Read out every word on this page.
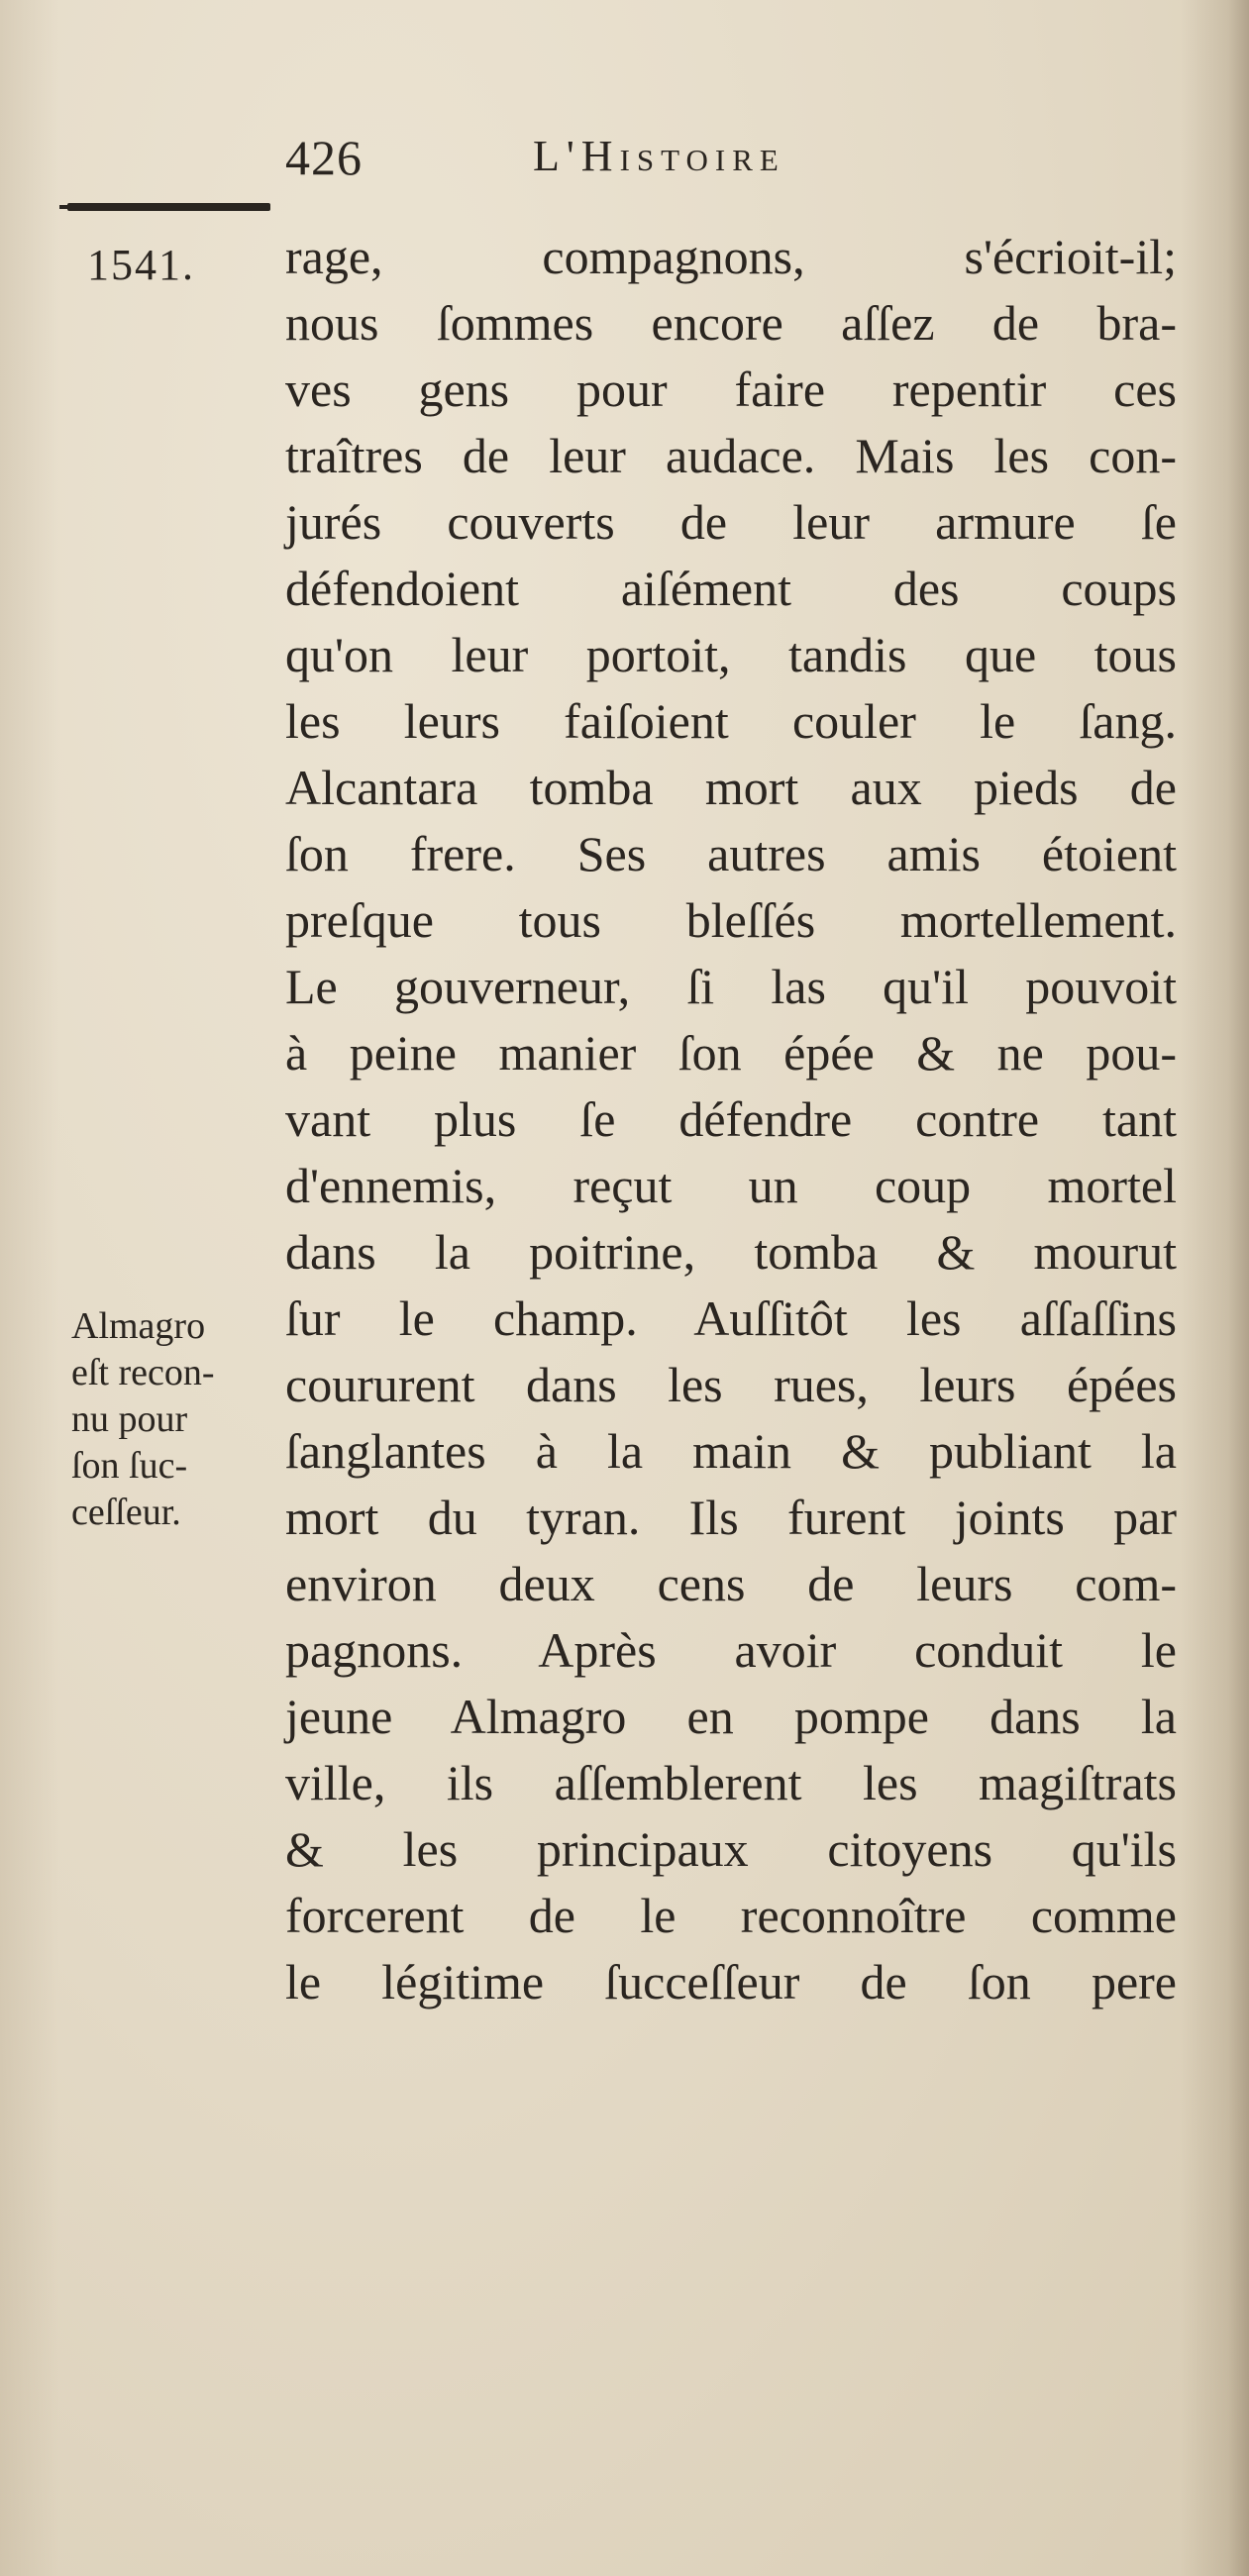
426	L'Histoire
1541. rage, compagnons, s'écrioit-il;
nous ſommes encore aſſez de bra-
ves gens pour faire repentir ces
traîtres de leur audace. Mais les con-
jurés couverts de leur armure ſe
défendoient aiſément des coups
qu'on leur portoit, tandis que tous
les leurs faiſoient couler le ſang.
Alcantara tomba mort aux pieds de
ſon frere. Ses autres amis étoient
preſque tous bleſſés mortellement.
Le gouverneur, ſi las qu'il pouvoit
à peine manier ſon épée & ne pou-
vant plus ſe défendre contre tant
d'ennemis, reçut un coup mortel
dans la poitrine, tomba & mourut
ſur le champ. Auſſitôt les aſſaſſins
coururent dans les rues, leurs épées
ſanglantes à la main & publiant la
mort du tyran. Ils furent joints par
environ deux cens de leurs com-
pagnons. Après avoir conduit le
jeune Almagro en pompe dans la
ville, ils aſſemblerent les magiſtrats
& les principaux citoyens qu'ils
forcerent de le reconnoître comme
le légitime ſucceſſeur de ſon pere
Almagro
eſt recon-
nu pour
ſon ſuc-
ceſſeur.
